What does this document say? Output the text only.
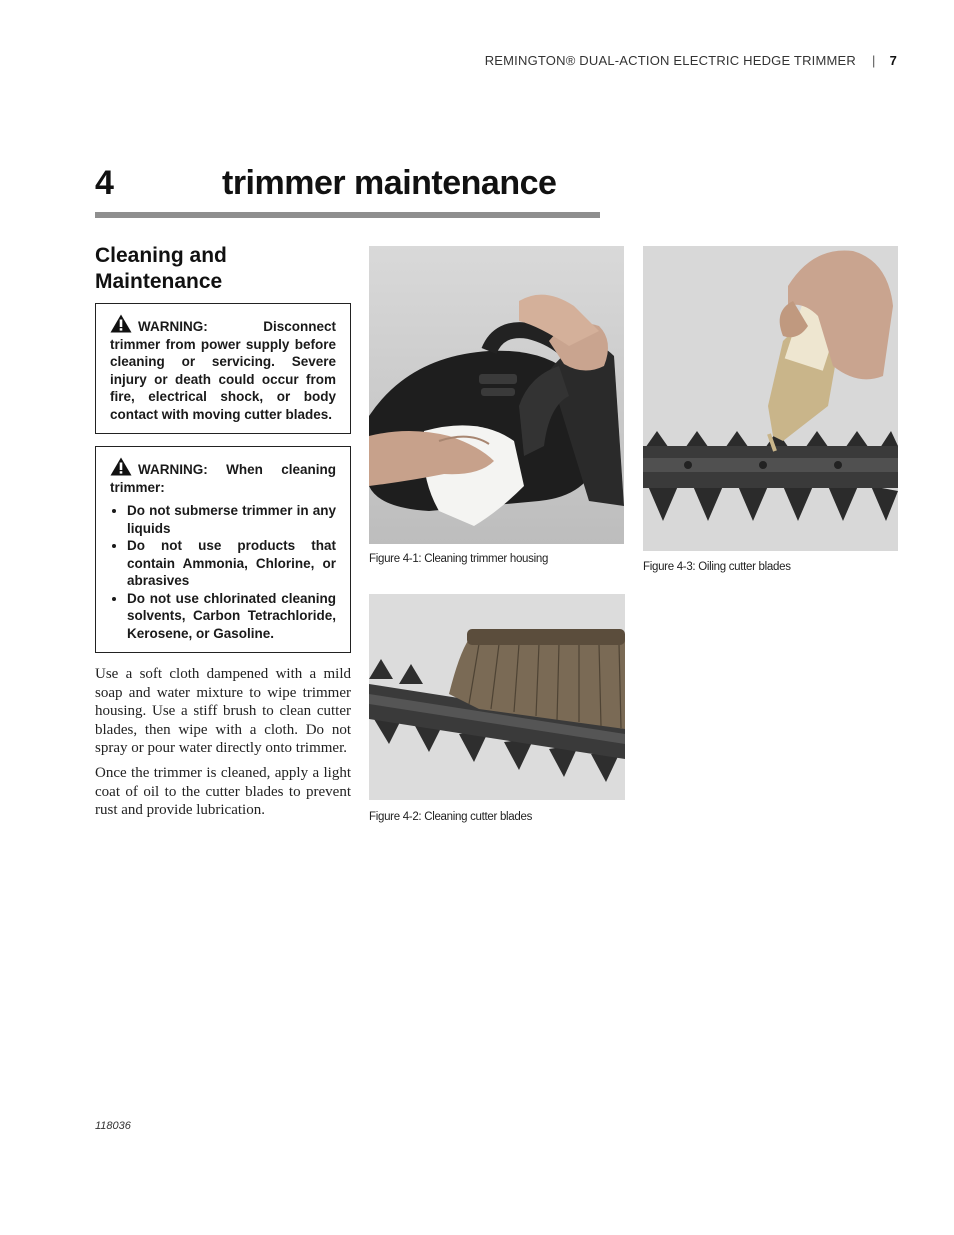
REMINGTON® DUAL-ACTION ELECTRIC HEDGE TRIMMER | 7
4	trimmer maintenance
Cleaning and Maintenance
WARNING: Disconnect trimmer from power supply before cleaning or servicing. Severe injury or death could occur from fire, electrical shock, or body contact with moving cutter blades.
WARNING: When cleaning trimmer:
• Do not submerse trimmer in any liquids
• Do not use products that contain Ammonia, Chlorine, or abrasives
• Do not use chlorinated cleaning solvents, Carbon Tetrachloride, Kerosene, or Gasoline.

Use a soft cloth dampened with a mild soap and water mixture to wipe trimmer housing. Use a stiff brush to clean cutter blades, then wipe with a cloth. Do not spray or pour water directly onto trimmer.

Once the trimmer is cleaned, apply a light coat of oil to the cutter blades to prevent rust and provide lubrication.

Figure 4-1: Cleaning trimmer housing
Figure 4-3: Oiling cutter blades
Figure 4-2: Cleaning cutter blades
118036
